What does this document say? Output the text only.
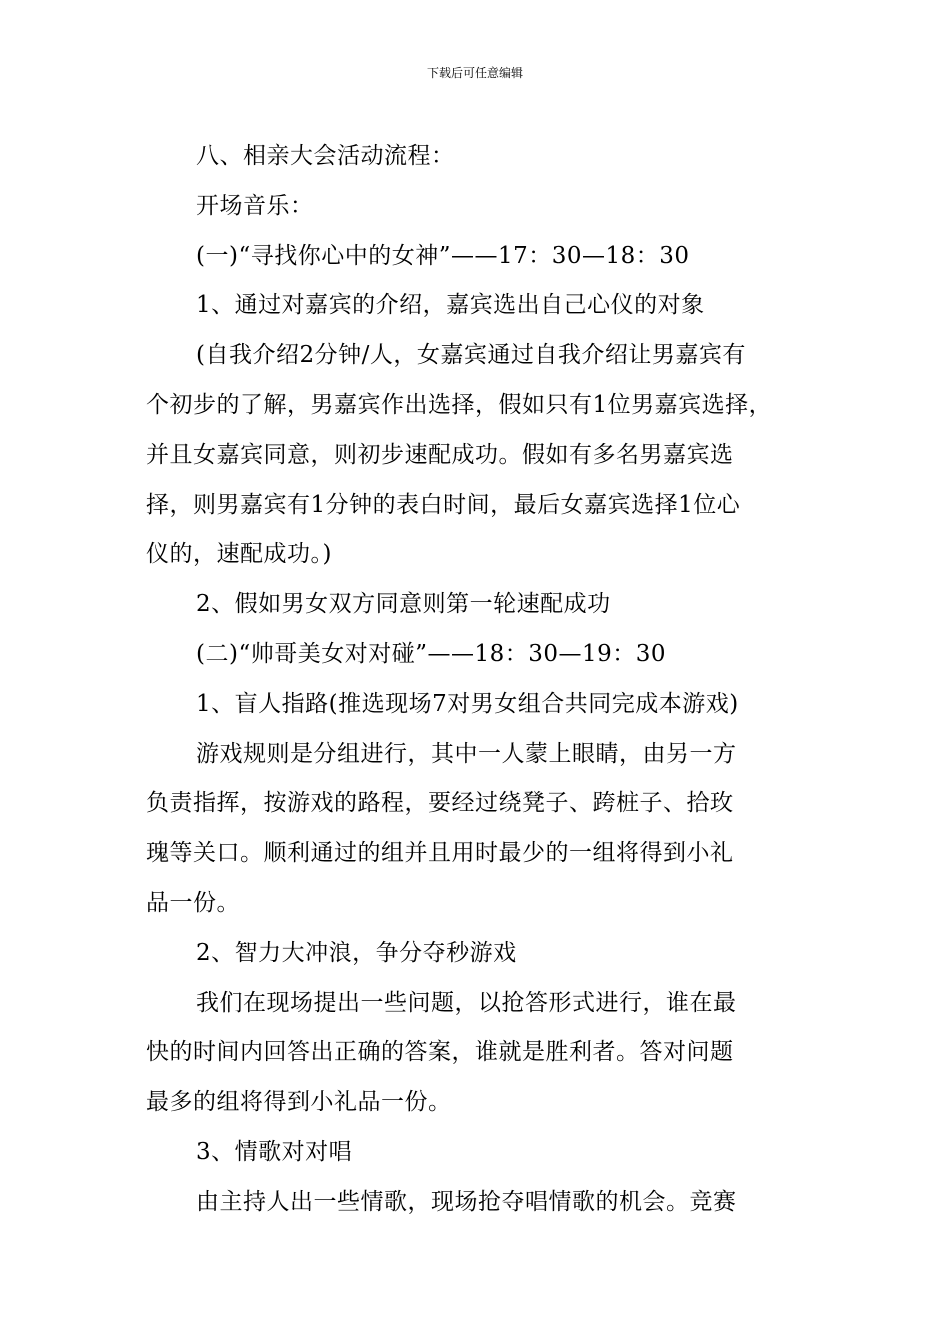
下载后可任意编辑
八、相亲大会活动流程：
开场音乐：
(一)“寻找你心中的女神”——17：30—18：30
1、通过对嘉宾的介绍，嘉宾选出自己心仪的对象
(自我介绍2分钟/人，女嘉宾通过自我介绍让男嘉宾有
个初步的了解，男嘉宾作出选择，假如只有1位男嘉宾选择，
并且女嘉宾同意，则初步速配成功。假如有多名男嘉宾选
择，则男嘉宾有1分钟的表白时间，最后女嘉宾选择1位心
仪的，速配成功。)
2、假如男女双方同意则第一轮速配成功
(二)“帅哥美女对对碰”——18：30—19：30
1、盲人指路(推选现场7对男女组合共同完成本游戏)
游戏规则是分组进行，其中一人蒙上眼睛，由另一方
负责指挥，按游戏的路程，要经过绕凳子、跨桩子、拾玫
瑰等关口。顺利通过的组并且用时最少的一组将得到小礼
品一份。
2、智力大冲浪，争分夺秒游戏
我们在现场提出一些问题，以抢答形式进行，谁在最
快的时间内回答出正确的答案，谁就是胜利者。答对问题
最多的组将得到小礼品一份。
3、情歌对对唱
由主持人出一些情歌，现场抢夺唱情歌的机会。竞赛
